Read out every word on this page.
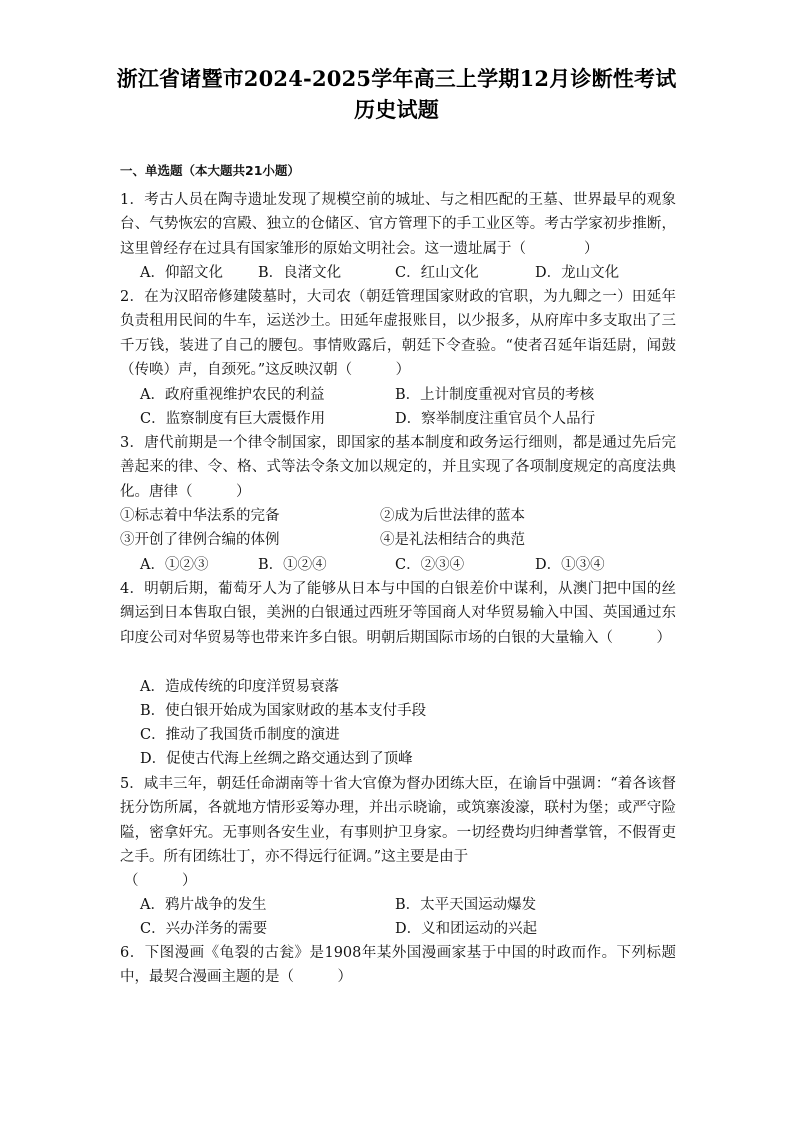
浙江省诸暨市2024-2025学年高三上学期12月诊断性考试
历史试题
一、单选题（本大题共21小题）

1．考古人员在陶寺遗址发现了规模空前的城址、与之相匹配的王墓、世界最早的观象台、气势恢宏的宫殿、独立的仓储区、官方管理下的手工业区等。考古学家初步推断，这里曾经存在过具有国家雏形的原始文明社会。这一遗址属于（　　　　）

A．仰韶文化 B．良渚文化	C．红山文化	D．龙山文化

2．在为汉昭帝修建陵墓时，大司农（朝廷管理国家财政的官职，为九卿之一）田延年负责租用民间的牛车，运送沙土。田延年虚报账目，以少报多，从府库中多支取出了三千万钱，装进了自己的腰包。事情败露后，朝廷下令查验。“使者召延年诣廷尉，闻鼓（传唤）声，自颈死。”这反映汉朝（　　　）

A．政府重视维护农民的利益	B．上计制度重视对官员的考核
C．监察制度有巨大震慑作用	D．察举制度注重官员个人品行

3．唐代前期是一个律令制国家，即国家的基本制度和政务运行细则，都是通过先后完善起来的律、令、格、式等法令条文加以规定的，并且实现了各项制度规定的高度法典化。唐律（　　　）

①标志着中华法系的完备	②成为后世法律的蓝本
③开创了律例合编的体例	④是礼法相结合的典范
A．①②③	B．①②④	C．②③④	D．①③④

4．明朝后期，葡萄牙人为了能够从日本与中国的白银差价中谋利，从澳门把中国的丝绸运到日本售取白银，美洲的白银通过西班牙等国商人对华贸易输入中国、英国通过东印度公司对华贸易等也带来许多白银。明朝后期国际市场的白银的大量输入（　　　）

A．造成传统的印度洋贸易衰落
B．使白银开始成为国家财政的基本支付手段
C．推动了我国货币制度的演进
D．促使古代海上丝绸之路交通达到了顶峰

5．咸丰三年，朝廷任命湖南等十省大官僚为督办团练大臣，在谕旨中强调：“着各该督抚分饬所属，各就地方情形妥筹办理，并出示晓谕，或筑寨浚濠，联村为堡；或严守险隘，密拿奸宄。无事则各安生业，有事则护卫身家。一切经费均归绅耆掌管，不假胥吏之手。所有团练壮丁，亦不得远行征调。”这主要是由于

（　　　）
A．鸦片战争的发生	B．太平天国运动爆发
C．兴办洋务的需要	D．义和团运动的兴起

6．下图漫画《龟裂的古瓮》是1908年某外国漫画家基于中国的时政而作。下列标题中，最契合漫画主题的是（　　　）
